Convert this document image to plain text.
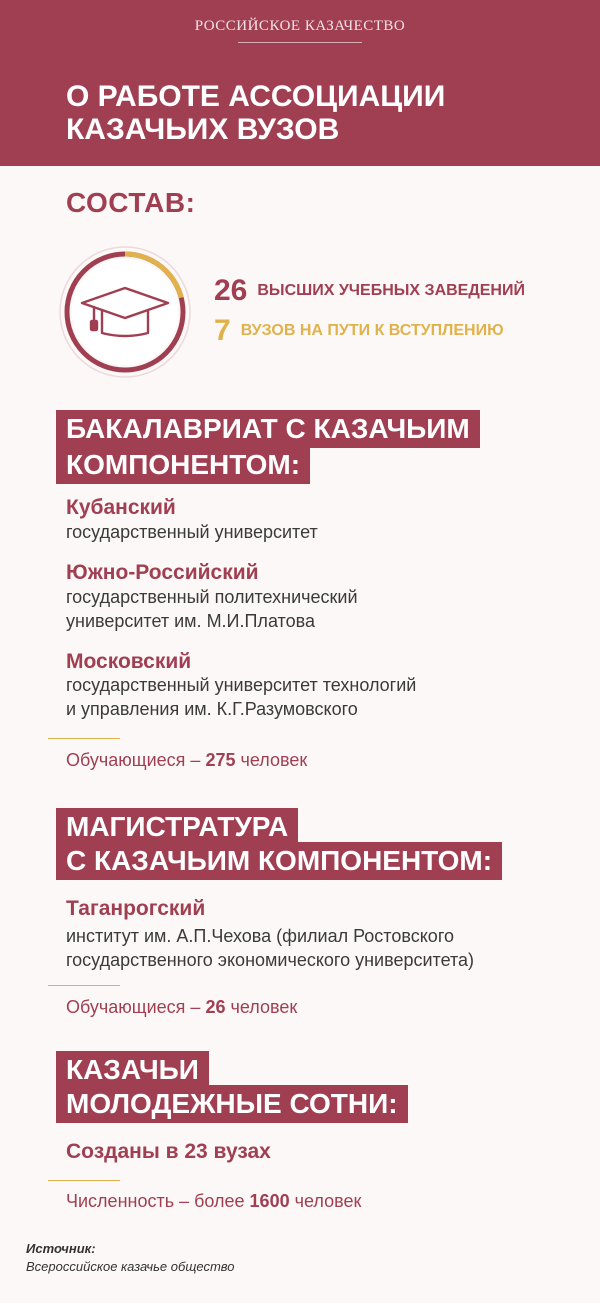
РОССИЙСКОЕ КАЗАЧЕСТВО
О РАБОТЕ АССОЦИАЦИИ
КАЗАЧЬИХ ВУЗОВ
СОСТАВ:
26 ВЫСШИХ УЧЕБНЫХ ЗАВЕДЕНИЙ
7 ВУЗОВ НА ПУТИ К ВСТУПЛЕНИЮ
БАКАЛАВРИАТ С КАЗАЧЬИМ
КОМПОНЕНТОМ:
Кубанский
государственный университет
Южно-Российский
государственный политехнический
университет им. М.И.Платова
Московский
государственный университет технологий
и управления им. К.Г.Разумовского
Обучающиеся – 275 человек
МАГИСТРАТУРА
С КАЗАЧЬИМ КОМПОНЕНТОМ:
Таганрогский
институт им. А.П.Чехова (филиал Ростовского
государственного экономического университета)
Обучающиеся – 26 человек
КАЗАЧЬИ
МОЛОДЕЖНЫЕ СОТНИ:
Созданы в 23 вузах
Численность – более 1600 человек
Источник:
Всероссийское казачье общество
